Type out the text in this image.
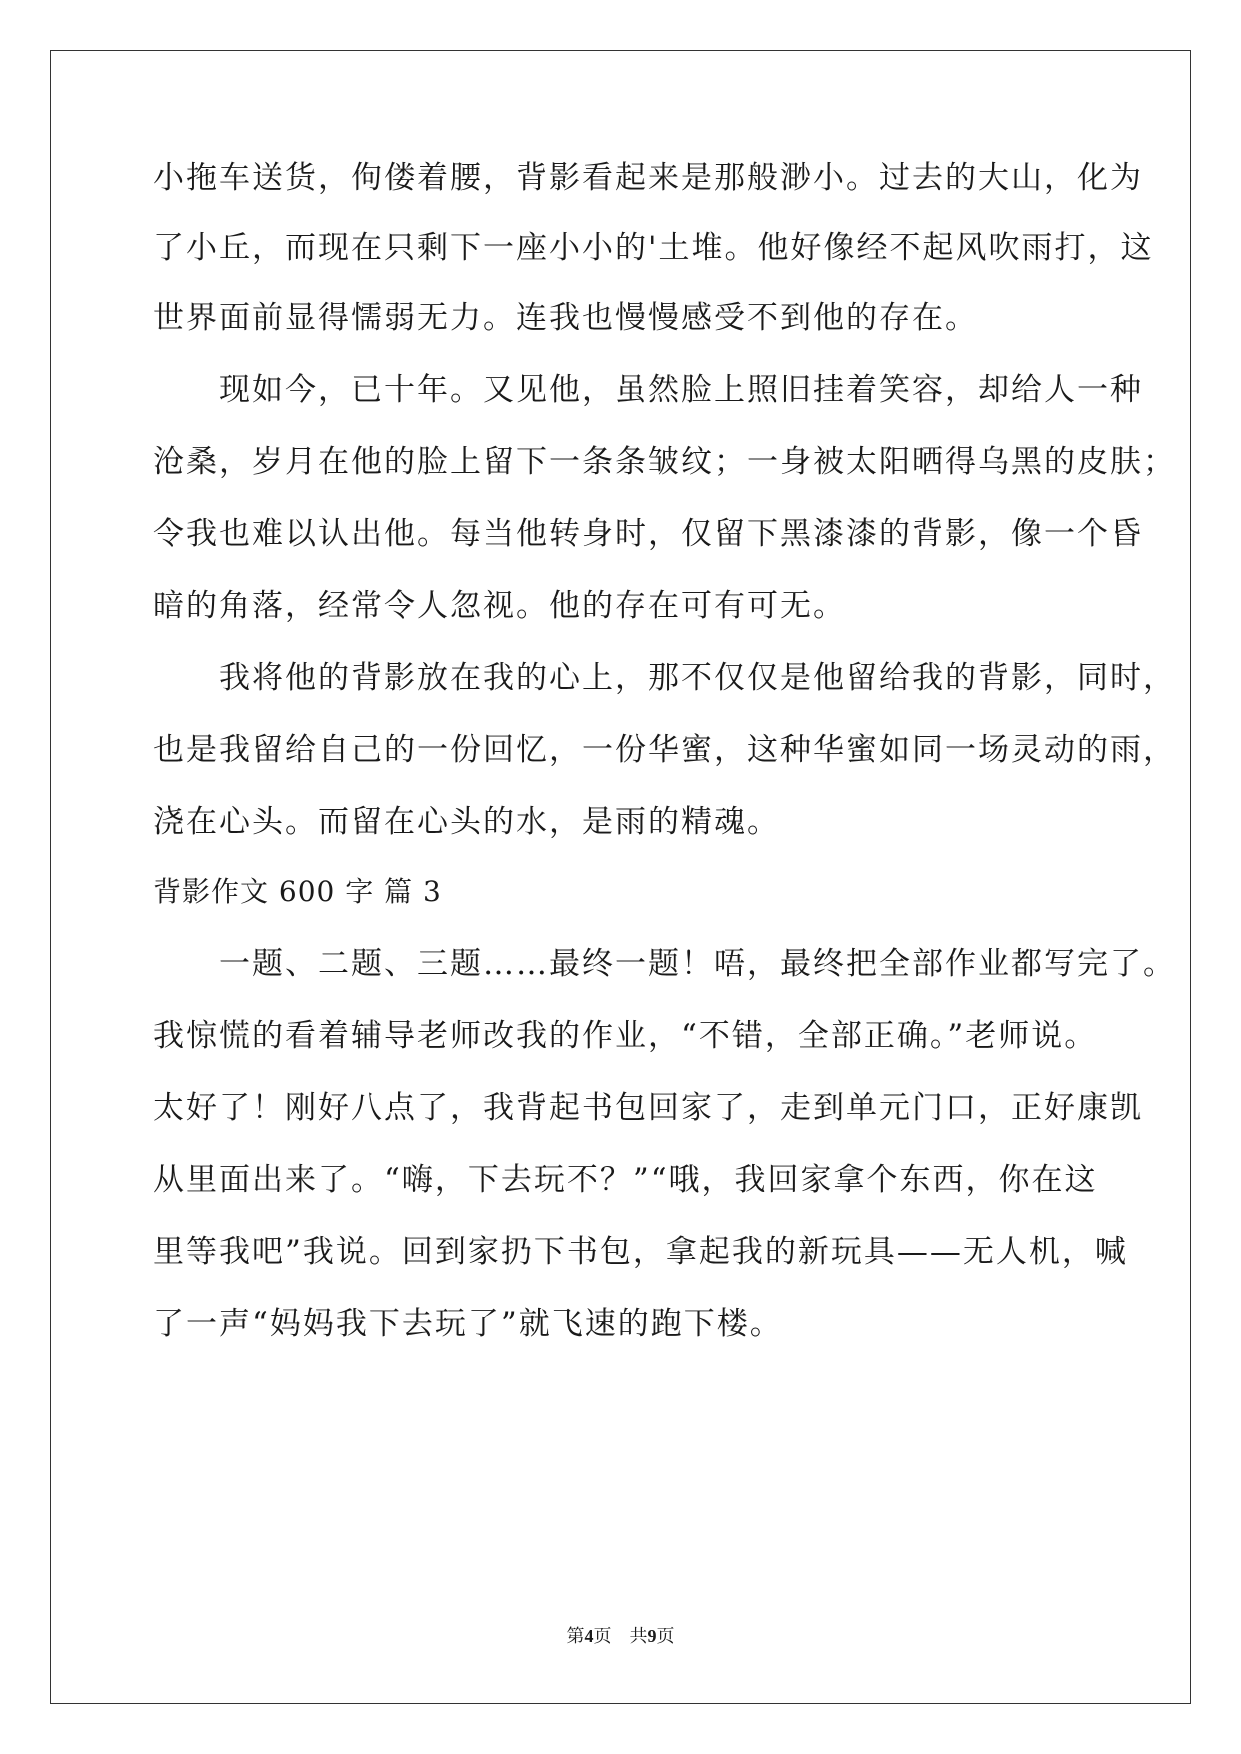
小拖车送货，佝偻着腰，背影看起来是那般渺小。过去的大山，化为
了小丘，而现在只剩下一座小小的'土堆。他好像经不起风吹雨打，这
世界面前显得懦弱无力。连我也慢慢感受不到他的存在。
　　现如今，已十年。又见他，虽然脸上照旧挂着笑容，却给人一种
沧桑，岁月在他的脸上留下一条条皱纹；一身被太阳晒得乌黑的皮肤；
令我也难以认出他。每当他转身时，仅留下黑漆漆的背影，像一个昏
暗的角落，经常令人忽视。他的存在可有可无。
　　我将他的背影放在我的心上，那不仅仅是他留给我的背影，同时，
也是我留给自己的一份回忆，一份华蜜，这种华蜜如同一场灵动的雨，
浇在心头。而留在心头的水，是雨的精魂。
背影作文 600 字 篇 3
　　一题、二题、三题……最终一题！唔，最终把全部作业都写完了。
我惊慌的看着辅导老师改我的作业，“不错，全部正确。”老师说。
太好了！刚好八点了，我背起书包回家了，走到单元门口，正好康凯
从里面出来了。“嗨，下去玩不？”“哦，我回家拿个东西，你在这
里等我吧”我说。回到家扔下书包，拿起我的新玩具——无人机，喊
了一声“妈妈我下去玩了”就飞速的跑下楼。
第4页　共9页
